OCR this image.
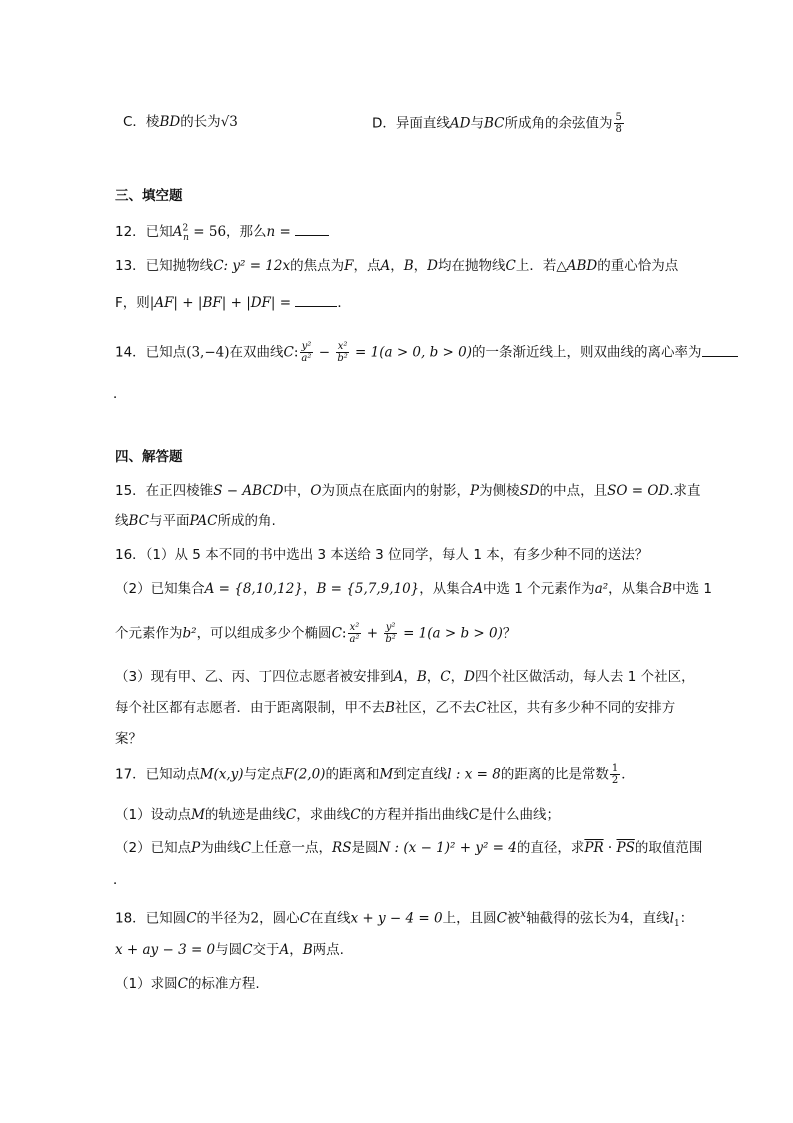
C．棱BD的长为√3	D．异面直线AD与BC所成角的余弦值为 $\frac{5}{8}$
三、填空题
12．已知$A^2_n = 56$，那么n =
13．已知抛物线C: y² = 12x的焦点为F，点A，B，D均在抛物线C上．若△ABD的重心恰为点
F，则|AF| + |BF| + |DF| =	．
14．已知点(3,−4)在双曲线C: $\frac{\text{y²}}{\text{a²}} - \frac{\text{x²}}{\text{b²}} = 1(a > 0$, b > 0)的一条渐近线上，则双曲线的离心率为
．
四、解答题
15．在正四棱锥S − ABCD中，O为顶点在底面内的射影，P为侧棱SD的中点，且SO = OD.求直
线BC与平面PAC所成的角.
16．（1）从 5 本不同的书中选出 3 本送给 3 位同学，每人 1 本，有多少种不同的送法？
（2）已知集合A = {8,10,12}，B = {5,7,9,10}，从集合A中选 1 个元素作为a²，从集合B中选 1
个元素作为b²，可以组成多少个椭圆C: $\frac{\text{x²}}{\text{a²}} + \frac{\text{y²}}{\text{b²}} = 1(a > b > 0)$？
（3）现有甲、乙、丙、丁四位志愿者被安排到A，B，C，D四个社区做活动，每人去 1 个社区，
每个社区都有志愿者．由于距离限制，甲不去B社区，乙不去C社区，共有多少种不同的安排方
案？
17．已知动点M(x,y)与定点F(2,0)的距离和M到定直线l : x = 8的距离的比是常数 $\frac{1}{2}$ ．
（1）设动点M的轨迹是曲线C，求曲线C的方程并指出曲线C是什么曲线；
（2）已知点P为曲线C上任意一点，RS是圆N : (x − 1)² + y² = 4的直径，求$\overline{PR} \cdot \overline{PS}$的取值范围
．
18．已知圆C的半径为2，圆心C在直线x + y − 4 = 0上，且圆C被$^x$轴截得的弦长为4，直线$l_1$：
x + ay − 3 = 0与圆C交于A，B两点.
（1）求圆C的标准方程.
